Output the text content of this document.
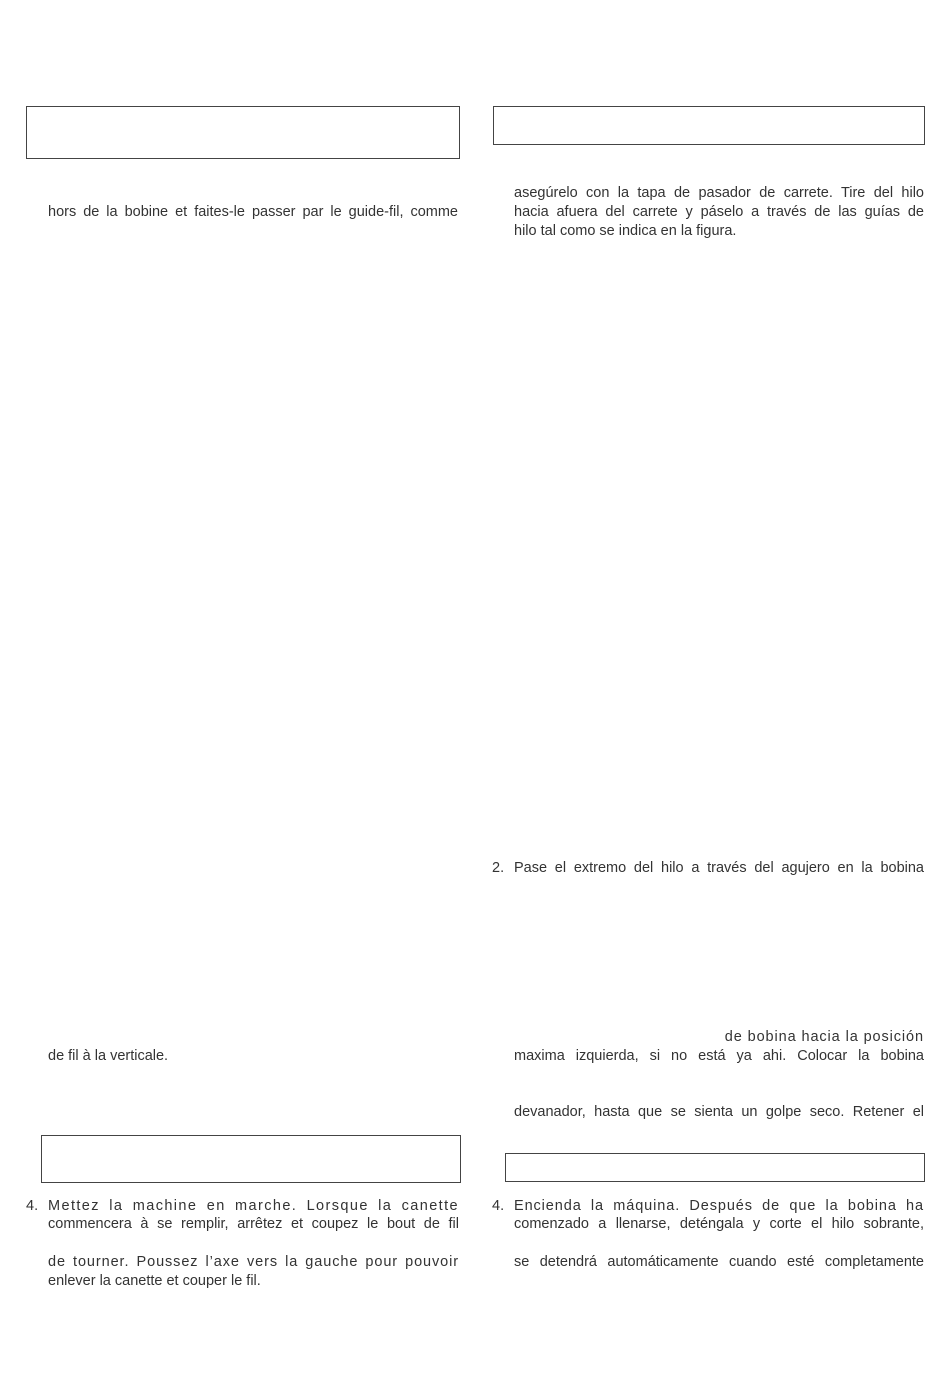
hors de la bobine et faites-le passer par le guide-fil, comme

de fil à la verticale.

4. Mettez la machine en marche. Lorsque la canette

commencera à se remplir, arrêtez et coupez le bout de fil

de tourner. Poussez l’axe vers la gauche pour pouvoir

enlever la canette et couper le fil.

asegúrelo con la tapa de pasador de carrete. Tire del hilo

hacia afuera del carrete y páselo a través de las guías de

hilo tal como se indica en la figura.

2. Pase el extremo del hilo a través del agujero en la bobina

de bobina hacia la posición

maxima izquierda, si no está ya ahi. Colocar la bobina

devanador, hasta que se sienta un golpe seco. Retener el

4. Encienda la máquina. Después de que la bobina ha

comenzado a llenarse, deténgala y corte el hilo sobrante,

se detendrá automáticamente cuando esté completamente
